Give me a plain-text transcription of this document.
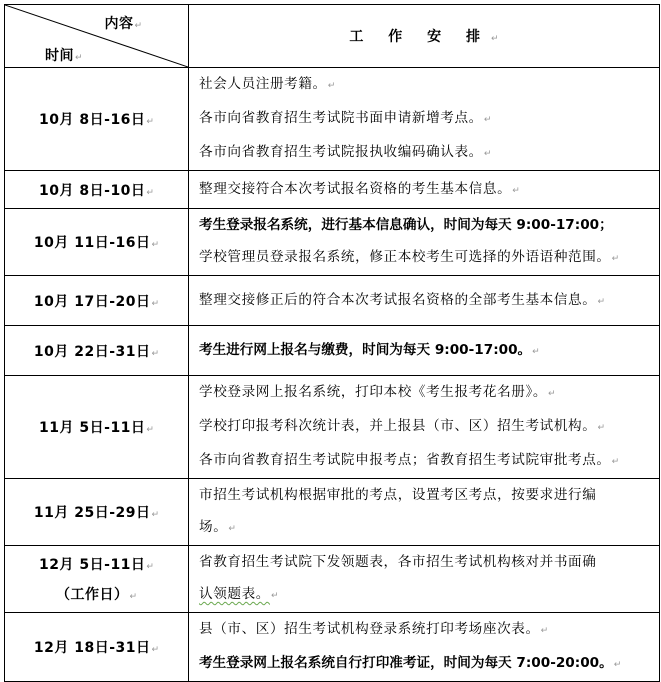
内容↵
时间↵	工 作 安 排↵
10月 8日-16日↵	社会人员注册考籍。↵
各市向省教育招生考试院书面申请新增考点。↵
各市向省教育招生考试院报执收编码确认表。↵

10月 8日-10日↵	整理交接符合本次考试报名资格的考生基本信息。↵

10月 11日-16日↵	考生登录报名系统，进行基本信息确认，时间为每天 9:00-17:00；
学校管理员登录报名系统，修正本校考生可选择的外语语种范围。↵

10月 17日-20日↵	整理交接修正后的符合本次考试报名资格的全部考生基本信息。↵

10月 22日-31日↵	考生进行网上报名与缴费，时间为每天 9:00-17:00。↵

11月 5日-11日↵	学校登录网上报名系统，打印本校《考生报考花名册》。↵
学校打印报考科次统计表，并上报县（市、区）招生考试机构。↵
各市向省教育招生考试院申报考点；省教育招生考试院审批考点。↵

11月 25日-29日↵	市招生考试机构根据审批的考点，设置考区考点，按要求进行编
场。↵

12月 5日-11日↵
（工作日）↵	省教育招生考试院下发领题表，各市招生考试机构核对并书面确
认领题表。↵

12月 18日-31日↵	县（市、区）招生考试机构登录系统打印考场座次表。↵
考生登录网上报名系统自行打印准考证，时间为每天 7:00-20:00。↵
